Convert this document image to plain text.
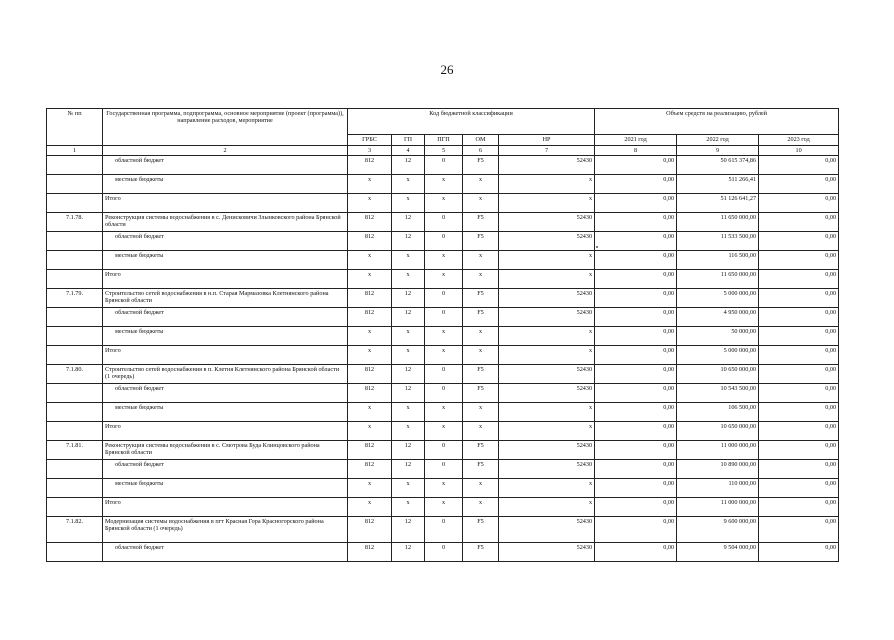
26
№ пп	Государственная программа, подпрограмма, основное мероприятие (проект (программа)), направление расходов, мероприятие	Код бюджетной классификации					Объем средств на реализацию, рублей		
		ГРБС	ГП	ПГП	ОМ	НР	2021 год	2022 год	2023 год
1	2	3	4	5	6	7	8	9	10
	областной бюджет	812	12	0	F5	52430	0,00	50 615 374,86	0,00
	местные бюджеты	х	х	х	х	х	0,00	511 266,41	0,00
	Итого	х	х	х	х	х	0,00	51 126 641,27	0,00
7.1.78.	Реконструкция системы водоснабжения в с. Денисковичи Злынковского района Брянской области	812	12	0	F5	52430	0,00	11 650 000,00	0,00
	областной бюджет	812	12	0	F5	52430	0,00	11 533 500,00	0,00
	местные бюджеты	х	х	х	х	х	0,00	116 500,00	0,00
	Итого	х	х	х	х	х	0,00	11 650 000,00	0,00
7.1.79.	Строительство сетей водоснабжения в н.п. Старая Мармазовка Клетнянского района Брянской области	812	12	0	F5	52430	0,00	5 000 000,00	0,00
	областной бюджет	812	12	0	F5	52430	0,00	4 950 000,00	0,00
	местные бюджеты	х	х	х	х	х	0,00	50 000,00	0,00
	Итого	х	х	х	х	х	0,00	5 000 000,00	0,00
7.1.80.	Строительство сетей водоснабжения в п. Клетня Клетнянского района Брянской области (1 очередь)	812	12	0	F5	52430	0,00	10 650 000,00	0,00
	областной бюджет	812	12	0	F5	52430	0,00	10 543 500,00	0,00
	местные бюджеты	х	х	х	х	х	0,00	106 500,00	0,00
	Итого	х	х	х	х	х	0,00	10 650 000,00	0,00
7.1.81.	Реконструкция системы водоснабжения в с. Смотрова Буда Клинцовского района Брянской области	812	12	0	F5	52430	0,00	11 000 000,00	0,00
	областной бюджет	812	12	0	F5	52430	0,00	10 890 000,00	0,00
	местные бюджеты	х	х	х	х	х	0,00	110 000,00	0,00
	Итого	х	х	х	х	х	0,00	11 000 000,00	0,00
7.1.82.	Модернизация системы водоснабжения в пгт Красная Гора Красногорского района Брянской области (1 очередь)	812	12	0	F5	52430	0,00	9 600 000,00	0,00
	областной бюджет	812	12	0	F5	52430	0,00	9 504 000,00	0,00
